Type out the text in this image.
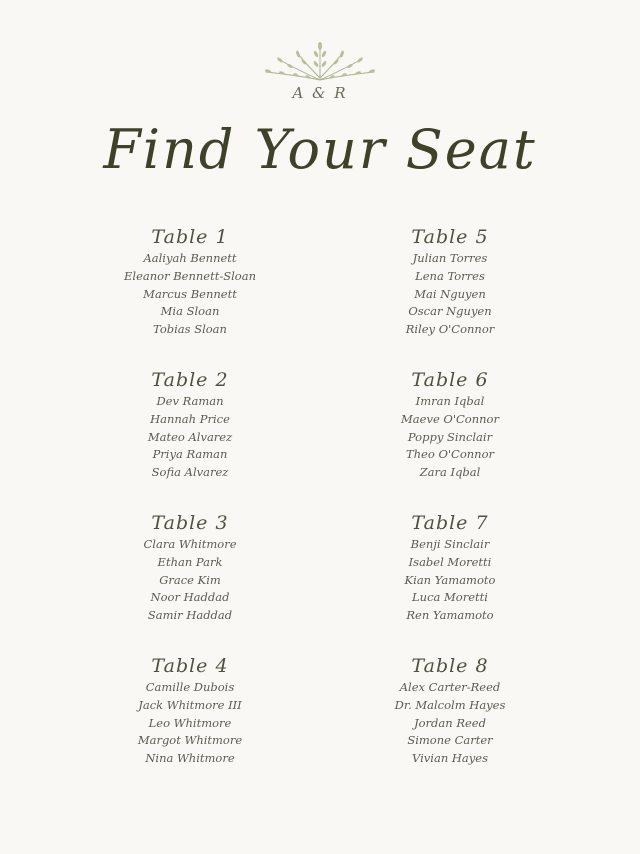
A & R
Find Your Seat
Table 1
Aaliyah Bennett
Eleanor Bennett-Sloan
Marcus Bennett
Mia Sloan
Tobias Sloan
Table 2
Dev Raman
Hannah Price
Mateo Alvarez
Priya Raman
Sofia Alvarez
Table 3
Clara Whitmore
Ethan Park
Grace Kim
Noor Haddad
Samir Haddad
Table 4
Camille Dubois
Jack Whitmore III
Leo Whitmore
Margot Whitmore
Nina Whitmore
Table 5
Julian Torres
Lena Torres
Mai Nguyen
Oscar Nguyen
Riley O'Connor
Table 6
Imran Iqbal
Maeve O'Connor
Poppy Sinclair
Theo O'Connor
Zara Iqbal
Table 7
Benji Sinclair
Isabel Moretti
Kian Yamamoto
Luca Moretti
Ren Yamamoto
Table 8
Alex Carter-Reed
Dr. Malcolm Hayes
Jordan Reed
Simone Carter
Vivian Hayes
